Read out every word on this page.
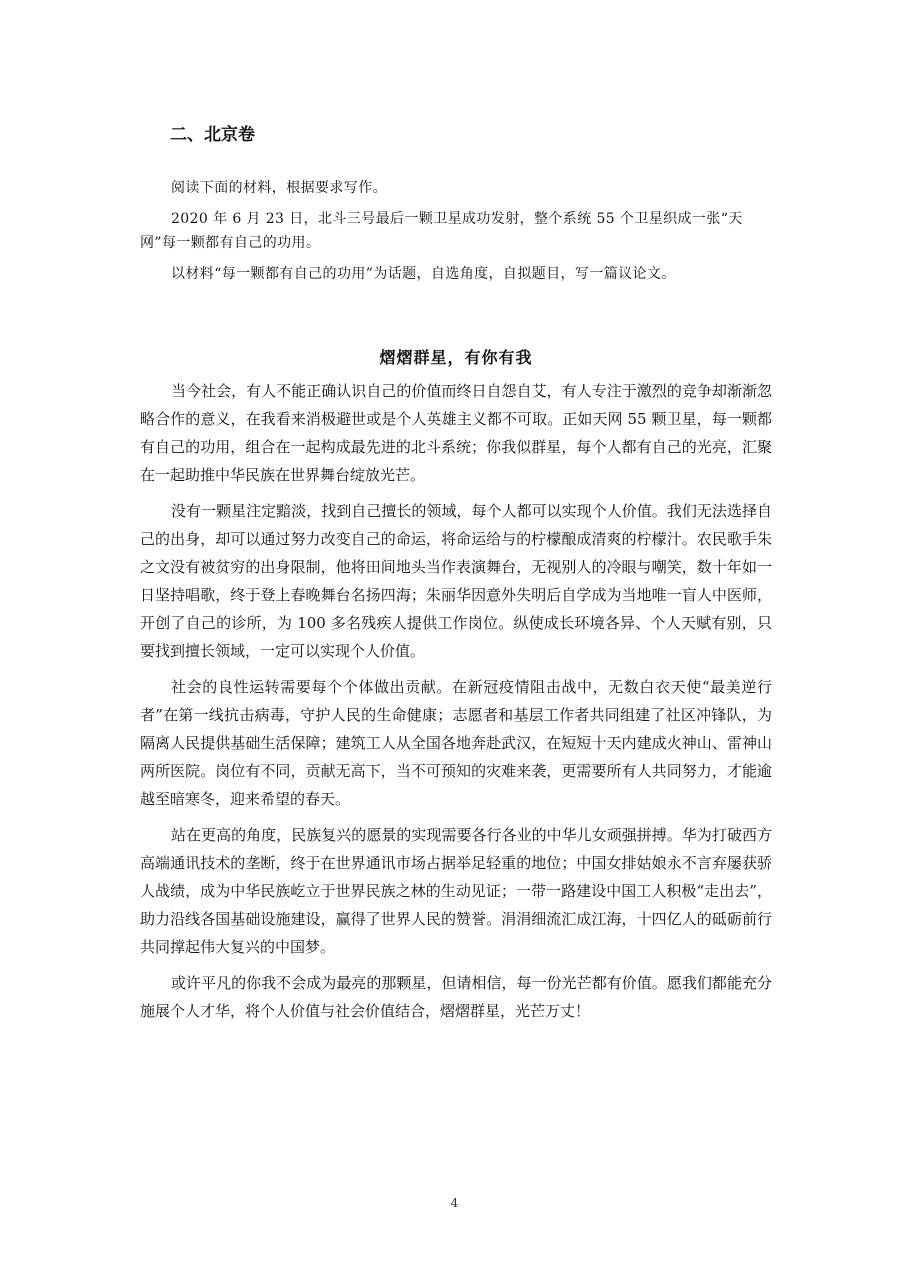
二、北京卷

阅读下面的材料，根据要求写作。

2020 年 6 月 23 日，北斗三号最后一颗卫星成功发射，整个系统 55 个卫星织成一张“天网”每一颗都有自己的功用。

以材料“每一颗都有自己的功用”为话题，自选角度，自拟题目，写一篇议论文。

熠熠群星，有你有我

当今社会，有人不能正确认识自己的价值而终日自怨自艾，有人专注于激烈的竞争却渐渐忽略合作的意义，在我看来消极避世或是个人英雄主义都不可取。正如天网 55 颗卫星，每一颗都有自己的功用，组合在一起构成最先进的北斗系统；你我似群星，每个人都有自己的光亮，汇聚在一起助推中华民族在世界舞台绽放光芒。

没有一颗星注定黯淡，找到自己擅长的领域，每个人都可以实现个人价值。我们无法选择自己的出身，却可以通过努力改变自己的命运，将命运给与的柠檬酿成清爽的柠檬汁。农民歌手朱之文没有被贫穷的出身限制，他将田间地头当作表演舞台，无视别人的冷眼与嘲笑，数十年如一日坚持唱歌，终于登上春晚舞台名扬四海；朱丽华因意外失明后自学成为当地唯一盲人中医师，开创了自己的诊所，为 100 多名残疾人提供工作岗位。纵使成长环境各异、个人天赋有别，只要找到擅长领域，一定可以实现个人价值。

社会的良性运转需要每个个体做出贡献。在新冠疫情阻击战中，无数白衣天使“最美逆行者”在第一线抗击病毒，守护人民的生命健康；志愿者和基层工作者共同组建了社区冲锋队，为隔离人民提供基础生活保障；建筑工人从全国各地奔赴武汉，在短短十天内建成火神山、雷神山两所医院。岗位有不同，贡献无高下，当不可预知的灾难来袭，更需要所有人共同努力，才能逾越至暗寒冬，迎来希望的春天。

站在更高的角度，民族复兴的愿景的实现需要各行各业的中华儿女顽强拼搏。华为打破西方高端通讯技术的垄断，终于在世界通讯市场占据举足轻重的地位；中国女排姑娘永不言弃屡获骄人战绩，成为中华民族屹立于世界民族之林的生动见证；一带一路建设中国工人积极“走出去”，助力沿线各国基础设施建设，赢得了世界人民的赞誉。涓涓细流汇成江海，十四亿人的砥砺前行共同撑起伟大复兴的中国梦。

或许平凡的你我不会成为最亮的那颗星，但请相信，每一份光芒都有价值。愿我们都能充分施展个人才华，将个人价值与社会价值结合，熠熠群星，光芒万丈！

4
